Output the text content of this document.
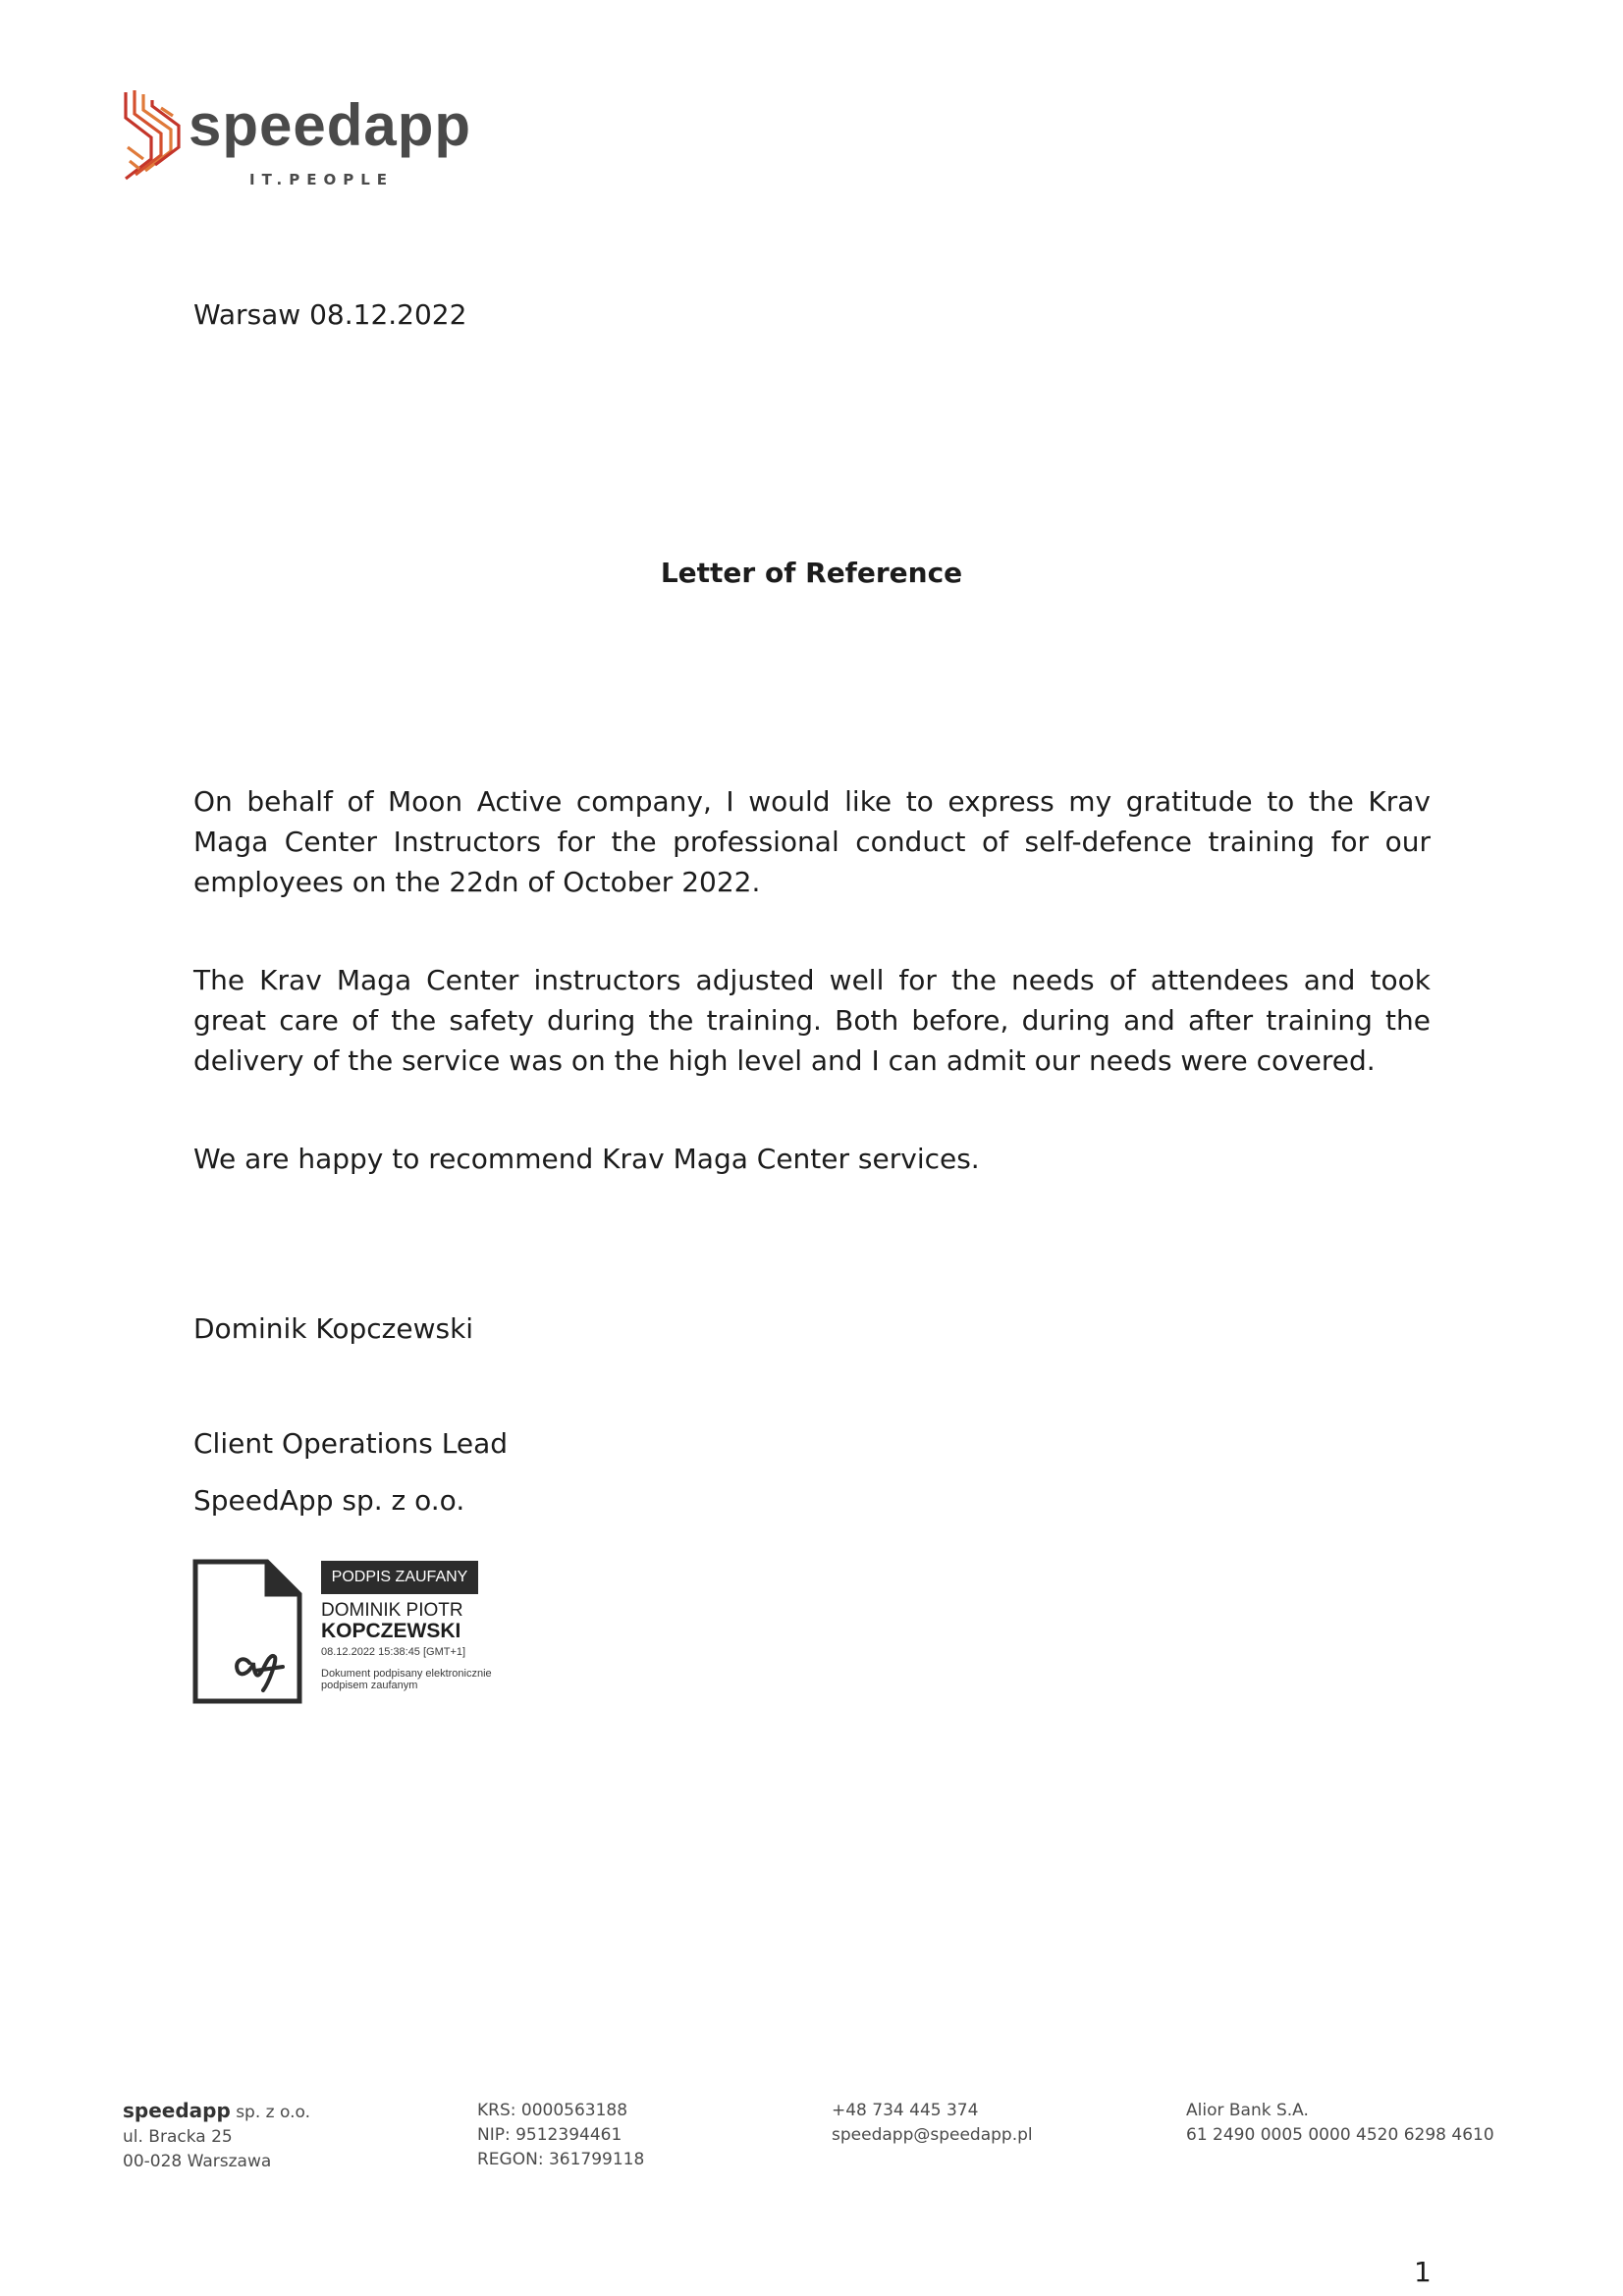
speedapp
IT.PEOPLE
Warsaw 08.12.2022
Letter of Reference
On behalf of Moon Active company, I would like to express my gratitude to the Krav Maga Center Instructors for the professional conduct of self-defence training for our employees on the 22dn of October 2022.
The Krav Maga Center instructors adjusted well for the needs of attendees and took great care of the safety during the training. Both before, during and after training the delivery of the service was on the high level and I can admit our needs were covered.
We are happy to recommend Krav Maga Center services.
Dominik Kopczewski
Client Operations Lead
SpeedApp sp. z o.o.
PODPIS ZAUFANY
DOMINIK PIOTR
KOPCZEWSKI
08.12.2022 15:38:45 [GMT+1]
Dokument podpisany elektronicznie podpisem zaufanym
speedapp sp. z o.o.
ul. Bracka 25
00-028 Warszawa
KRS: 0000563188
NIP: 9512394461
REGON: 361799118
+48 734 445 374
speedapp@speedapp.pl
Alior Bank S.A.
61 2490 0005 0000 4520 6298 4610
1
